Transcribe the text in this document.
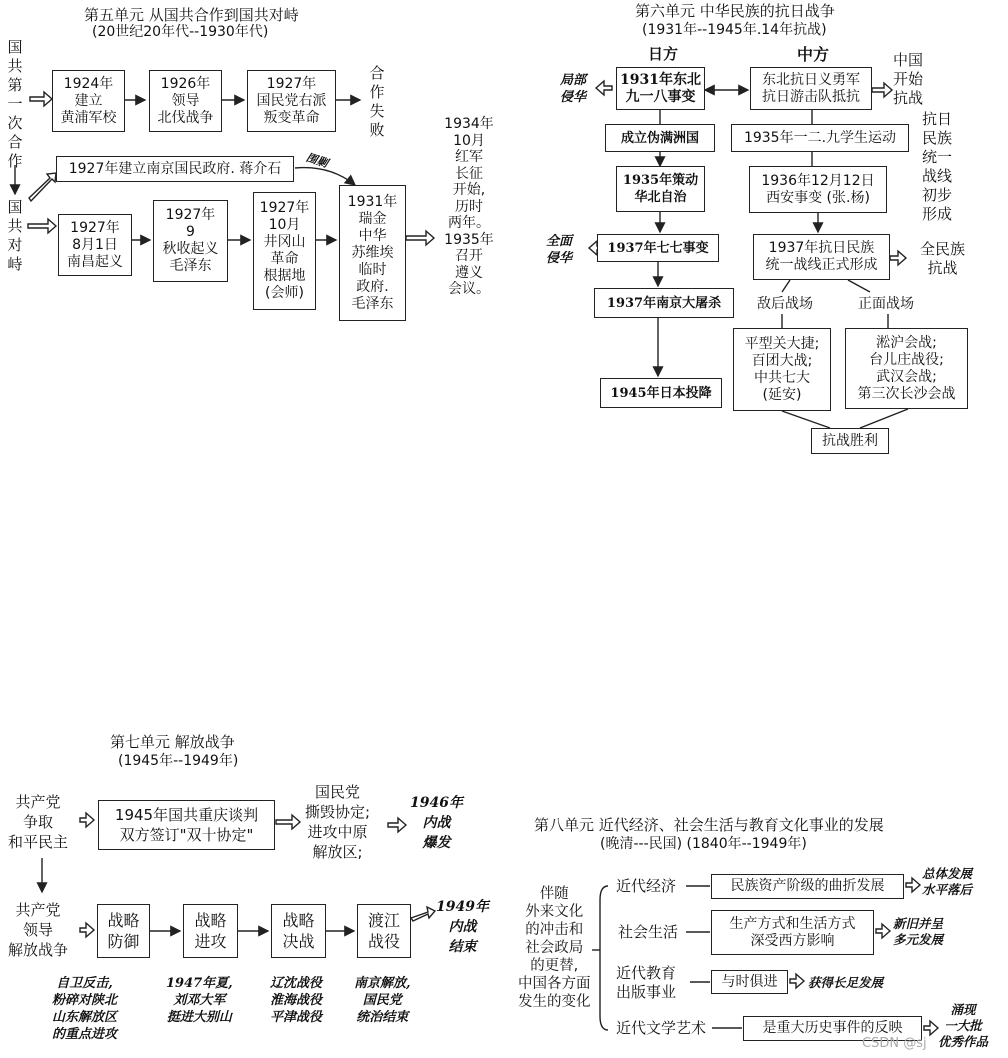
第五单元 从国共合作到国共对峙
(20世纪20年代--1930年代)
国共第一次合作
国共对峙
1924年
建立
黄浦军校
1926年
领导
北伐战争
1927年
国民党右派
叛变革命
合作失败
1927年建立南京国民政府. 蒋介石	围剿
1927年
8月1日
南昌起义
1927年
9
秋收起义
毛泽东
1927年
10月
井冈山
革命
根据地
(会师)
1931年
瑞金
中华
苏维埃
临时
政府.
毛泽东
1934年
10月
红军
长征
开始,
历时
两年。
1935年
召开
遵义
会议。
第六单元 中华民族的抗日战争
(1931年--1945年.14年抗战)
日方	中方
局部
侵华
1931年东北
九一八事变
成立伪满洲国
1935年策动
华北自治
全面
侵华
1937年七七事变
1937年南京大屠杀
1945年日本投降
东北抗日义勇军
抗日游击队抵抗
中国
开始
抗战
1935年一二.九学生运动
抗日
民族
统一
战线
初步
形成
1936年12月12日
西安事变 (张.杨)
1937年抗日民族
统一战线正式形成
全民族
抗战
敌后战场	正面战场
平型关大捷;
百团大战;
中共七大
(延安)
淞沪会战;
台儿庄战役;
武汉会战;
第三次长沙会战
抗战胜利
第七单元 解放战争
(1945年--1949年)
共产党
争取
和平民主
1945年国共重庆谈判
双方签订"双十协定"
国民党
撕毁协定;
进攻中原
解放区;
1946年
内战
爆发
共产党
领导
解放战争
战略
防御
战略
进攻
战略
决战
渡江
战役
1949年
内战
结束
自卫反击,
粉碎对陕北
山东解放区
的重点进攻
1947年夏,
刘邓大军
挺进大别山
辽沈战役
淮海战役
平津战役
南京解放,
国民党
统治结束
第八单元 近代经济、社会生活与教育文化事业的发展
(晚清---民国) (1840年--1949年)
伴随
外来文化
的冲击和
社会政局
的更替,
中国各方面
发生的变化
近代经济	民族资产阶级的曲折发展
总体发展
水平落后
社会生活	生产方式和生活方式
深受西方影响
新旧并呈
多元发展
近代教育
出版事业
与时俱进	获得长足发展
近代文学艺术	是重大历史事件的反映
涌现
一大批
优秀作品
CSDN @sj
